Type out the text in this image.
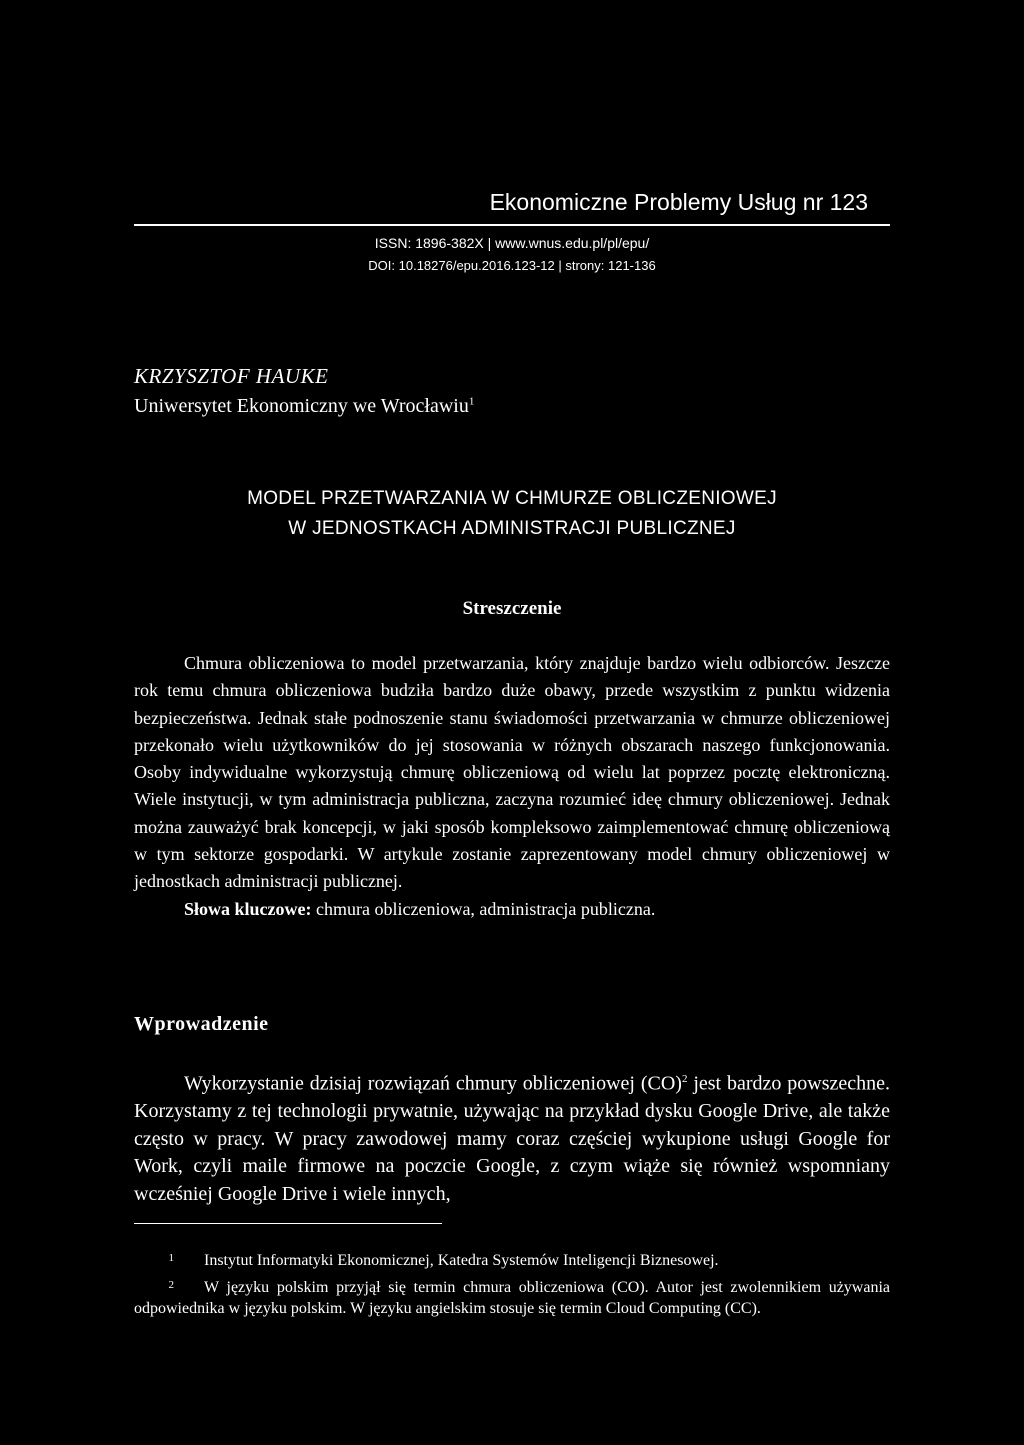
Ekonomiczne Problemy Usług nr 123
ISSN: 1896-382X | www.wnus.edu.pl/pl/epu/
DOI: 10.18276/epu.2016.123-12 | strony: 121-136
KRZYSZTOF HAUKE
Uniwersytet Ekonomiczny we Wrocławiu$^1$
MODEL PRZETWARZANIA W CHMURZE OBLICZENIOWEJ
W JEDNOSTKACH ADMINISTRACJI PUBLICZNEJ
Streszczenie

Chmura obliczeniowa to model przetwarzania, który znajduje bardzo wielu odbiorców. Jeszcze rok temu chmura obliczeniowa budziła bardzo duże obawy, przede wszystkim z punktu widzenia bezpieczeństwa. Jednak stałe podnoszenie stanu świadomości przetwarzania w chmurze obliczeniowej przekonało wielu użytkowników do jej stosowania w różnych obszarach naszego funkcjonowania. Osoby indywidualne wykorzystują chmurę obliczeniową od wielu lat poprzez pocztę elektroniczną. Wiele instytucji, w tym administracja publiczna, zaczyna rozumieć ideę chmury obliczeniowej. Jednak można zauważyć brak koncepcji, w jaki sposób kompleksowo zaimplementować chmurę obliczeniową w tym sektorze gospodarki. W artykule zostanie zaprezentowany model chmury obliczeniowej w jednostkach administracji publicznej.

Słowa kluczowe: chmura obliczeniowa, administracja publiczna.

Wprowadzenie

Wykorzystanie dzisiaj rozwiązań chmury obliczeniowej (CO)$^2$ jest bardzo powszechne. Korzystamy z tej technologii prywatnie, używając na przykład dysku Google Drive, ale także często w pracy. W pracy zawodowej mamy coraz częściej wykupione usługi Google for Work, czyli maile firmowe na poczcie Google, z czym wiąże się również wspomniany wcześniej Google Drive i wiele innych,

1 Instytut Informatyki Ekonomicznej, Katedra Systemów Inteligencji Biznesowej.
2 W języku polskim przyjął się termin chmura obliczeniowa (CO). Autor jest zwolennikiem używania odpowiednika w języku polskim. W języku angielskim stosuje się termin Cloud Computing (CC).
